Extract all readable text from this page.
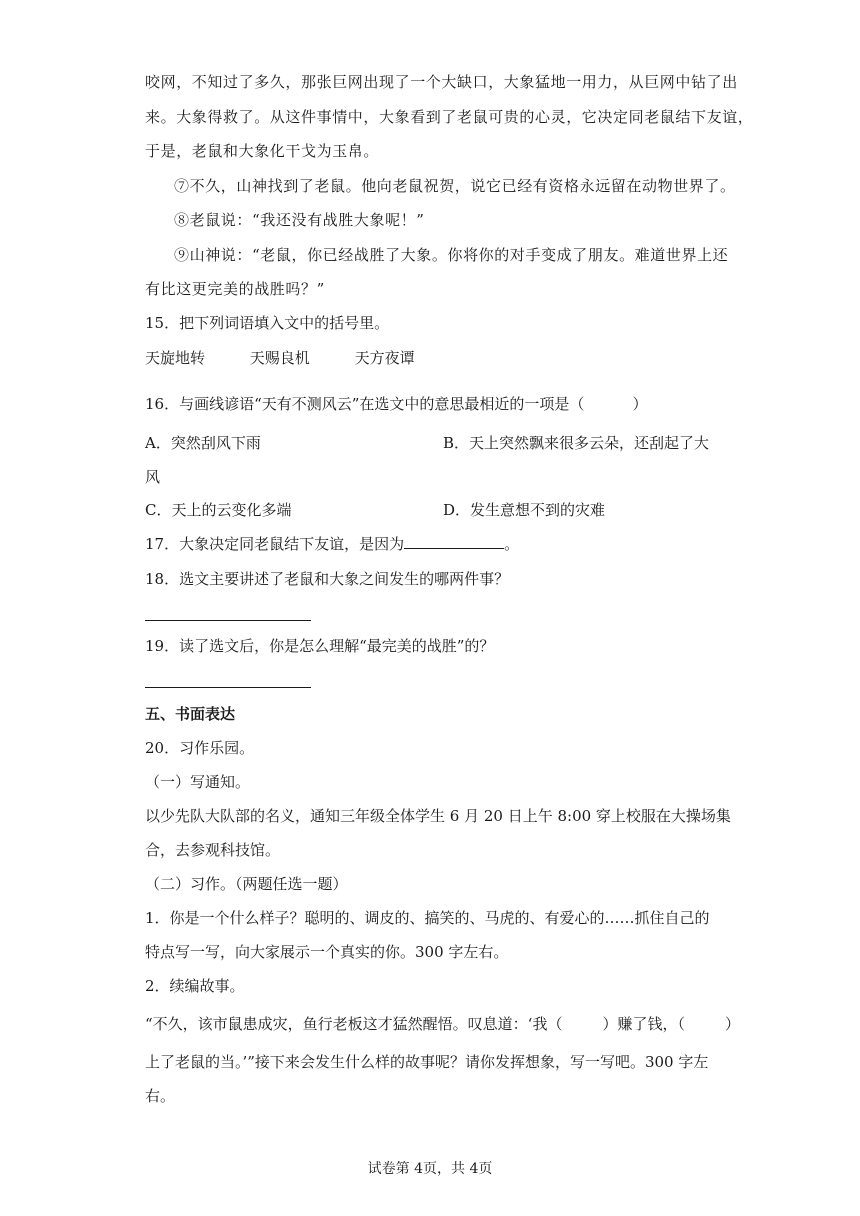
咬网，不知过了多久，那张巨网出现了一个大缺口，大象猛地一用力，从巨网中钻了出
来。大象得救了。从这件事情中，大象看到了老鼠可贵的心灵，它决定同老鼠结下友谊，
于是，老鼠和大象化干戈为玉帛。
⑦不久，山神找到了老鼠。他向老鼠祝贺，说它已经有资格永远留在动物世界了。
⑧老鼠说：“我还没有战胜大象呢！”
⑨山神说：“老鼠，你已经战胜了大象。你将你的对手变成了朋友。难道世界上还
有比这更完美的战胜吗？”
15．把下列词语填入文中的括号里。
天旋地转	天赐良机	天方夜谭
16．与画线谚语“天有不测风云”在选文中的意思最相近的一项是（	）
A．突然刮风下雨	B．天上突然飘来很多云朵，还刮起了大
风
C．天上的云变化多端	D．发生意想不到的灾难
17．大象决定同老鼠结下友谊，是因为	。
18．选文主要讲述了老鼠和大象之间发生的哪两件事？
19．读了选文后，你是怎么理解“最完美的战胜”的？
五、书面表达
20．习作乐园。
（一）写通知。
以少先队大队部的名义，通知三年级全体学生 6 月 20 日上午 8:00 穿上校服在大操场集
合，去参观科技馆。
（二）习作。（两题任选一题）
1．你是一个什么样子？聪明的、调皮的、搞笑的、马虎的、有爱心的……抓住自己的
特点写一写，向大家展示一个真实的你。300 字左右。
2．续编故事。
“不久，该市鼠患成灾，鱼行老板这才猛然醒悟。叹息道：‘我（	）赚了钱，（	）
上了老鼠的当。’”接下来会发生什么样的故事呢？请你发挥想象，写一写吧。300 字左
右。
试卷第 4页，共 4页
